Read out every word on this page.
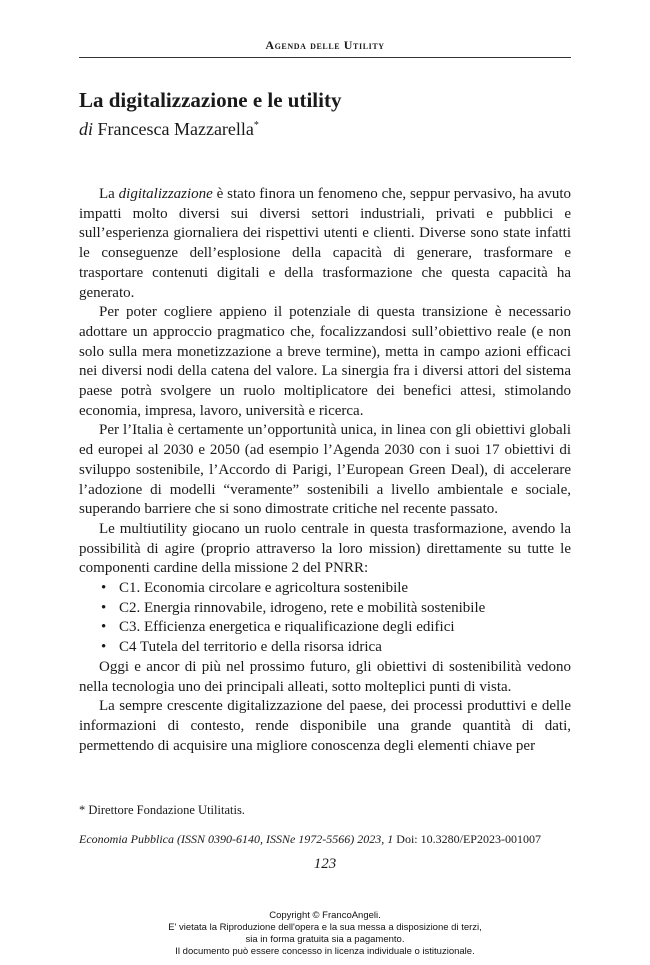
Agenda delle Utility
La digitalizzazione e le utility
di Francesca Mazzarella*

La digitalizzazione è stato finora un fenomeno che, seppur pervasivo, ha avuto impatti molto diversi sui diversi settori industriali, privati e pubblici e sull’esperienza giornaliera dei rispettivi utenti e clienti. Diverse sono state infatti le conseguenze dell’esplosione della capacità di generare, trasformare e trasportare contenuti digitali e della trasformazione che questa capacità ha generato.

Per poter cogliere appieno il potenziale di questa transizione è necessario adottare un approccio pragmatico che, focalizzandosi sull’obiettivo reale (e non solo sulla mera monetizzazione a breve termine), metta in campo azioni efficaci nei diversi nodi della catena del valore. La sinergia fra i diversi attori del sistema paese potrà svolgere un ruolo moltiplicatore dei benefici attesi, stimolando economia, impresa, lavoro, università e ricerca.

Per l’Italia è certamente un’opportunità unica, in linea con gli obiettivi globali ed europei al 2030 e 2050 (ad esempio l’Agenda 2030 con i suoi 17 obiettivi di sviluppo sostenibile, l’Accordo di Parigi, l’European Green Deal), di accelerare l’adozione di modelli “veramente” sostenibili a livello ambientale e sociale, superando barriere che si sono dimostrate critiche nel recente passato.

Le multiutility giocano un ruolo centrale in questa trasformazione, avendo la possibilità di agire (proprio attraverso la loro mission) direttamente su tutte le componenti cardine della missione 2 del PNRR:

• C1. Economia circolare e agricoltura sostenibile
• C2. Energia rinnovabile, idrogeno, rete e mobilità sostenibile
• C3. Efficienza energetica e riqualificazione degli edifici
• C4 Tutela del territorio e della risorsa idrica

Oggi e ancor di più nel prossimo futuro, gli obiettivi di sostenibilità vedono nella tecnologia uno dei principali alleati, sotto molteplici punti di vista.

La sempre crescente digitalizzazione del paese, dei processi produttivi e delle informazioni di contesto, rende disponibile una grande quantità di dati, permettendo di acquisire una migliore conoscenza degli elementi chiave per

* Direttore Fondazione Utilitatis.
Economia Pubblica (ISSN 0390-6140, ISSNe 1972-5566) 2023, 1 Doi: 10.3280/EP2023-001007
123
Copyright © FrancoAngeli.
E' vietata la Riproduzione dell'opera e la sua messa a disposizione di terzi,
sia in forma gratuita sia a pagamento.
Il documento può essere concesso in licenza individuale o istituzionale.
